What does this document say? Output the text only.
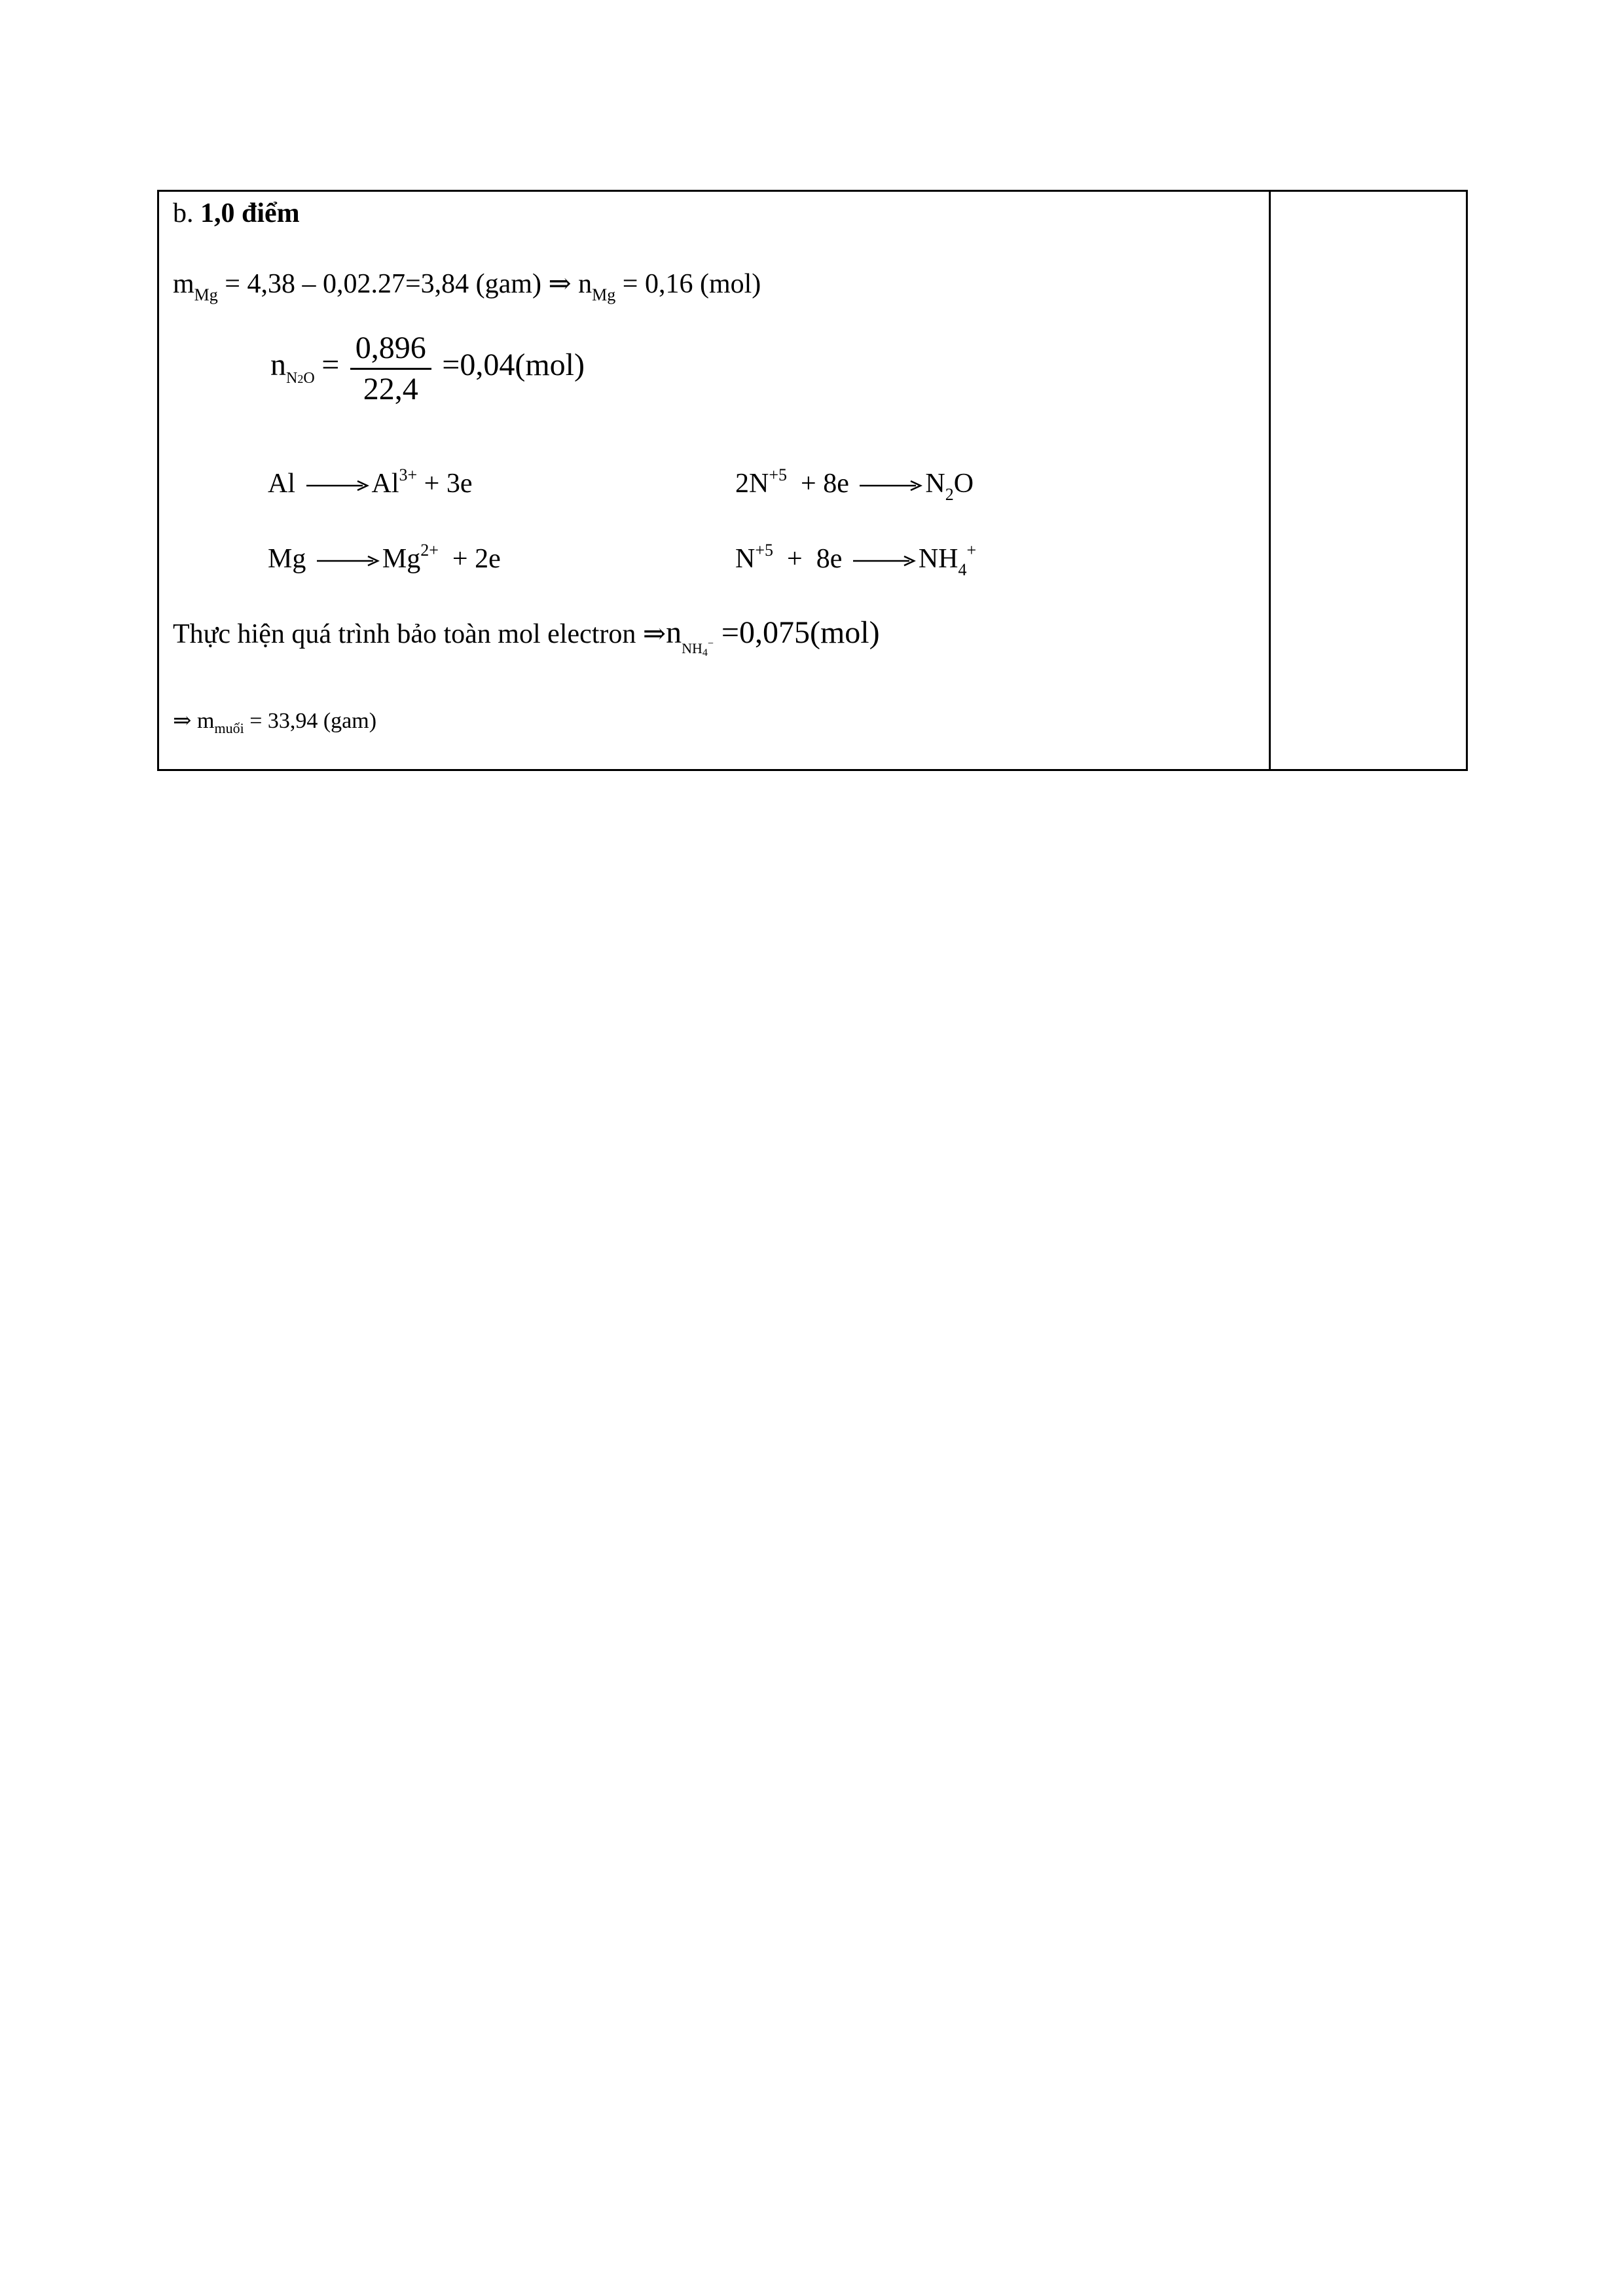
b. 1,0 điểm
$m_{Mg} = 4,38 - 0,02.27=3,84$ (gam) ⇒ $n_{Mg} = 0,16$ (mol)
$n_{N2O} = \frac{0,896}{22,4} =0,04(mol)$
Al	$Al^{3+} + 3e$	$2N^{+5} + 8e$	$N_2O$
Mg	$Mg^{2+} + 2e$	$N^{+5} + 8e$	$NH_4^+$
Thực hiện quá trình bảo toàn mol electron $\Rightarrow n_{NH4^-} =0,075(mol)$
⇒ $m_{muối} = 33,94$ (gam)
